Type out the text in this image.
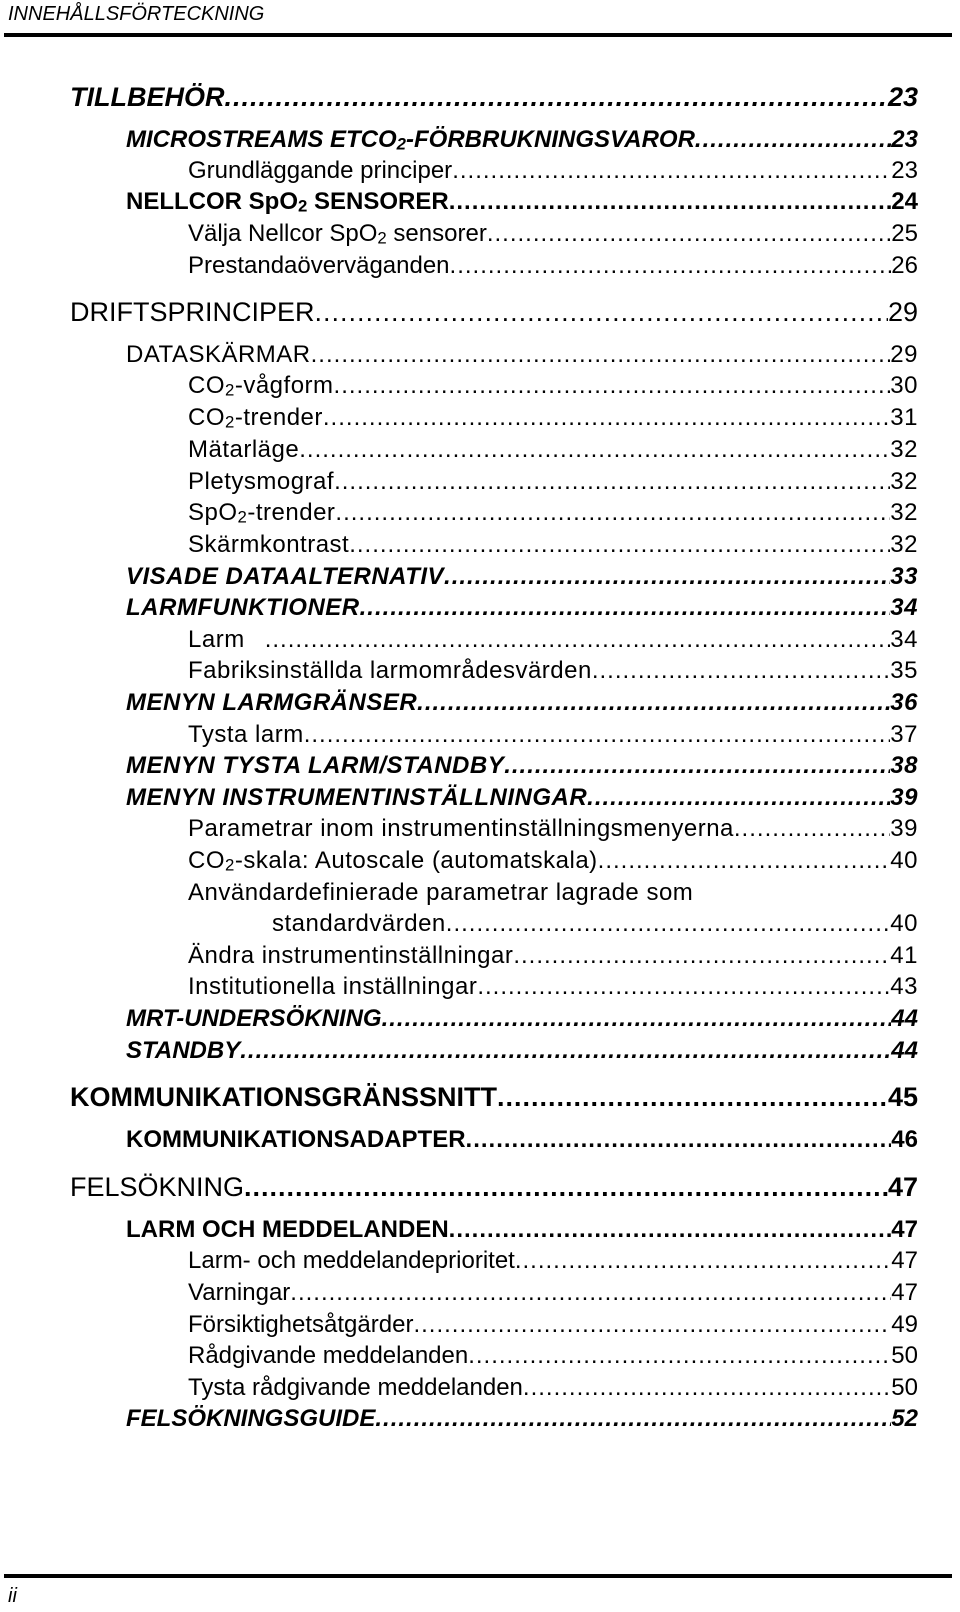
INNEHÅLLSFÖRTECKNING
TILLBEHÖR .....	23
MICROSTREAMS $ETCO_2$-FÖRBRUKNINGSVAROR .....	23
Grundläggande principer .....	23
NELLCOR SpO$_2$ SENSORER .....	24
Välja Nellcor SpO$_2$ sensorer .....	25
Prestandaöverväganden .....	26
DRIFTSPRINCIPER .....	29
DATASKÄRMAR .....	29
$CO_2$-vågform .....	30
$CO_2$-trender .....	31
Mätarläge .....	32
Pletysmograf .....	32
SpO$_2$-trender .....	32
Skärmkontrast .....	32
VISADE DATAALTERNATIV .....	33
LARMFUNKTIONER .....	34
Larm .....	34
Fabriksinställda larmområdesvärden .....	35
MENYN LARMGRÄNSER .....	36
Tysta larm .....	37
MENYN TYSTA LARM/STANDBY .....	38
MENYN INSTRUMENTINSTÄLLNINGAR .....	39
Parametrar inom instrumentinställningsmenyerna .....	39
$CO_2$-skala: Autoscale (automatskala) .....	40
Användardefinierade parametrar lagrade som
standardvärden .....	40
Ändra instrumentinställningar .....	41
Institutionella inställningar .....	43
MRT-UNDERSÖKNING .....	44
STANDBY .....	44
KOMMUNIKATIONSGRÄNSSNITT .....	45
KOMMUNIKATIONSADAPTER .....	46
FELSÖKNING .....	47
LARM OCH MEDDELANDEN .....	47
Larm- och meddelandeprioritet .....	47
Varningar .....	47
Försiktighetsåtgärder .....	49
Rådgivande meddelanden .....	50
Tysta rådgivande meddelanden .....	50
FELSÖKNINGSGUIDE .....	52
ii
